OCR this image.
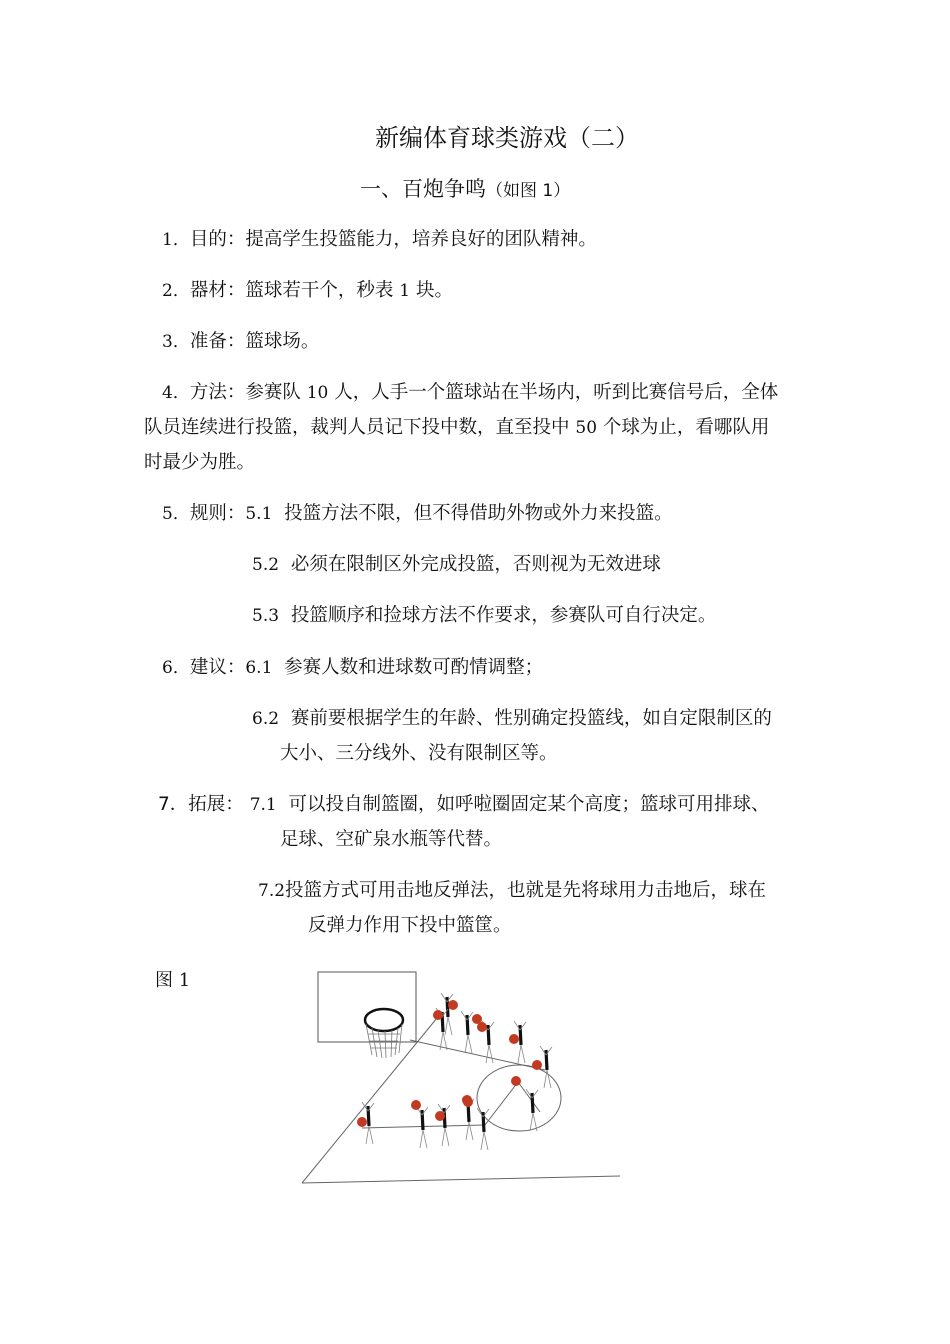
新编体育球类游戏（二）
一、百炮争鸣（如图 1）
1．目的：提高学生投篮能力，培养良好的团队精神。
2．器材：篮球若干个，秒表 1 块。
3．准备：篮球场。
4．方法：参赛队 10 人，人手一个篮球站在半场内，听到比赛信号后，全体
队员连续进行投篮，裁判人员记下投中数，直至投中 50 个球为止，看哪队用
时最少为胜。
5．规则：5.1 投篮方法不限，但不得借助外物或外力来投篮。
5.2 必须在限制区外完成投篮，否则视为无效进球
5.3 投篮顺序和捡球方法不作要求，参赛队可自行决定。
6．建议：6.1 参赛人数和进球数可酌情调整；
6.2 赛前要根据学生的年龄、性别确定投篮线，如自定限制区的
大小、三分线外、没有限制区等。
7．拓展： 7.1 可以投自制篮圈，如呼啦圈固定某个高度；篮球可用排球、
足球、空矿泉水瓶等代替。
7.2投篮方式可用击地反弹法，也就是先将球用力击地后，球在
反弹力作用下投中篮筐。
图 1
